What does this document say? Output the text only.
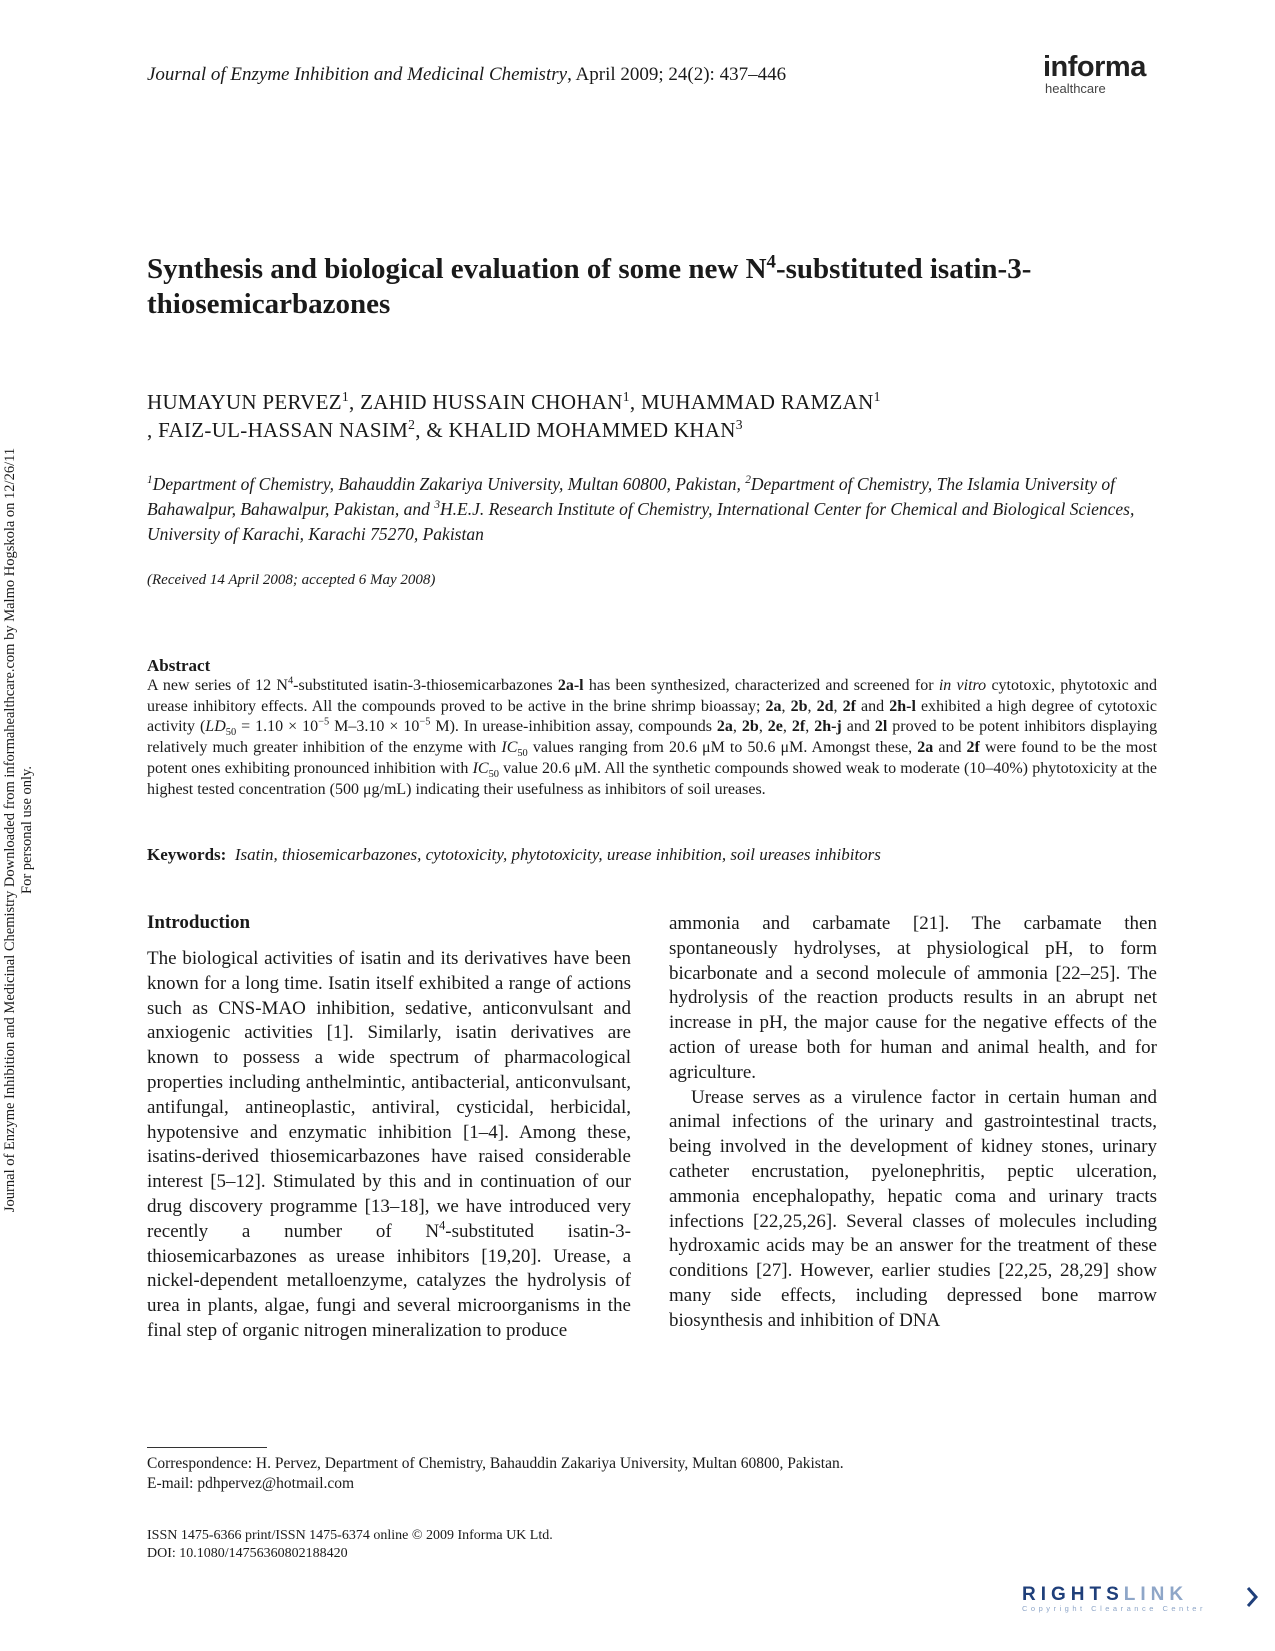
Journal of Enzyme Inhibition and Medicinal Chemistry, April 2009; 24(2): 437–446	informa
healthcare
Journal of Enzyme Inhibition and Medicinal Chemistry Downloaded from informahealthcare.com by Malmo Hogskola on 12/26/11 For personal use only.
Synthesis and biological evaluation of some new $N^4$-substituted isatin-3-thiosemicarbazones
HUMAYUN PERVEZ$^1$, ZAHID HUSSAIN CHOHAN$^1$, MUHAMMAD RAMZAN$^1$
, FAIZ-UL-HASSAN NASIM$^2$, & KHALID MOHAMMED KHAN$^3$
$^1$Department of Chemistry, Bahauddin Zakariya University, Multan 60800, Pakistan, $^2$Department of Chemistry, The Islamia University of Bahawalpur, Bahawalpur, Pakistan, and $^3$H.E.J. Research Institute of Chemistry, International Center for Chemical and Biological Sciences, University of Karachi, Karachi 75270, Pakistan
(Received 14 April 2008; accepted 6 May 2008)
Abstract
A new series of 12 $N^4$-substituted isatin-3-thiosemicarbazones 2a-l has been synthesized, characterized and screened for in vitro cytotoxic, phytotoxic and urease inhibitory effects. All the compounds proved to be active in the brine shrimp bioassay; 2a, 2b, 2d, 2f and 2h-l exhibited a high degree of cytotoxic activity ($LD_{50} = 1.10 \times 10^{-5}$ $M-3.10 \times 10^{-5}$ M). In urease-inhibition assay, compounds 2a, 2b, 2e, 2f, 2h-j and 2l proved to be potent inhibitors displaying relatively much greater inhibition of the enzyme with $IC_{50}$ values ranging from 20.6 μM to 50.6 μM. Amongst these, 2a and 2f were found to be the most potent ones exhibiting pronounced inhibition with $IC_{50}$ value 20.6 μM. All the synthetic compounds showed weak to moderate (10–40%) phytotoxicity at the highest tested concentration (500 μg/mL) indicating their usefulness as inhibitors of soil ureases.
Keywords: Isatin, thiosemicarbazones, cytotoxicity, phytotoxicity, urease inhibition, soil ureases inhibitors
Introduction

The biological activities of isatin and its derivatives have been known for a long time. Isatin itself exhibited a range of actions such as CNS-MAO inhibition, sedative, anticonvulsant and anxiogenic activities [1]. Similarly, isatin derivatives are known to possess a wide spectrum of pharmacological properties including anthelmintic, antibacterial, anticonvulsant, antifungal, antineoplastic, antiviral, cysticidal, herbicidal, hypotensive and enzymatic inhibition [1–4]. Among these, isatins-derived thiosemicarbazones have raised considerable interest [5–12]. Stimulated by this and in continuation of our drug discovery programme [13–18], we have introduced very recently a number of $N^4$-substituted isatin-3-thiosemicarbazones as urease inhibitors [19,20]. Urease, a nickel-dependent metalloenzyme, catalyzes the hydrolysis of urea in plants, algae, fungi and several microorganisms in the final step of organic nitrogen mineralization to produce

ammonia and carbamate [21]. The carbamate then spontaneously hydrolyses, at physiological pH, to form bicarbonate and a second molecule of ammonia [22–25]. The hydrolysis of the reaction products results in an abrupt net increase in pH, the major cause for the negative effects of the action of urease both for human and animal health, and for agriculture.

Urease serves as a virulence factor in certain human and animal infections of the urinary and gastrointestinal tracts, being involved in the development of kidney stones, urinary catheter encrustation, pyelonephritis, peptic ulceration, ammonia encephalopathy, hepatic coma and urinary tracts infections [22,25,26]. Several classes of molecules including hydroxamic acids may be an answer for the treatment of these conditions [27]. However, earlier studies [22,25, 28,29] show many side effects, including depressed bone marrow biosynthesis and inhibition of DNA

Correspondence: H. Pervez, Department of Chemistry, Bahauddin Zakariya University, Multan 60800, Pakistan.
E-mail: pdhpervez@hotmail.com
ISSN 1475-6366 print/ISSN 1475-6374 online © 2009 Informa UK Ltd.
DOI: 10.1080/14756360802188420
RIGHTSLINK
Copyright Clearance Center
